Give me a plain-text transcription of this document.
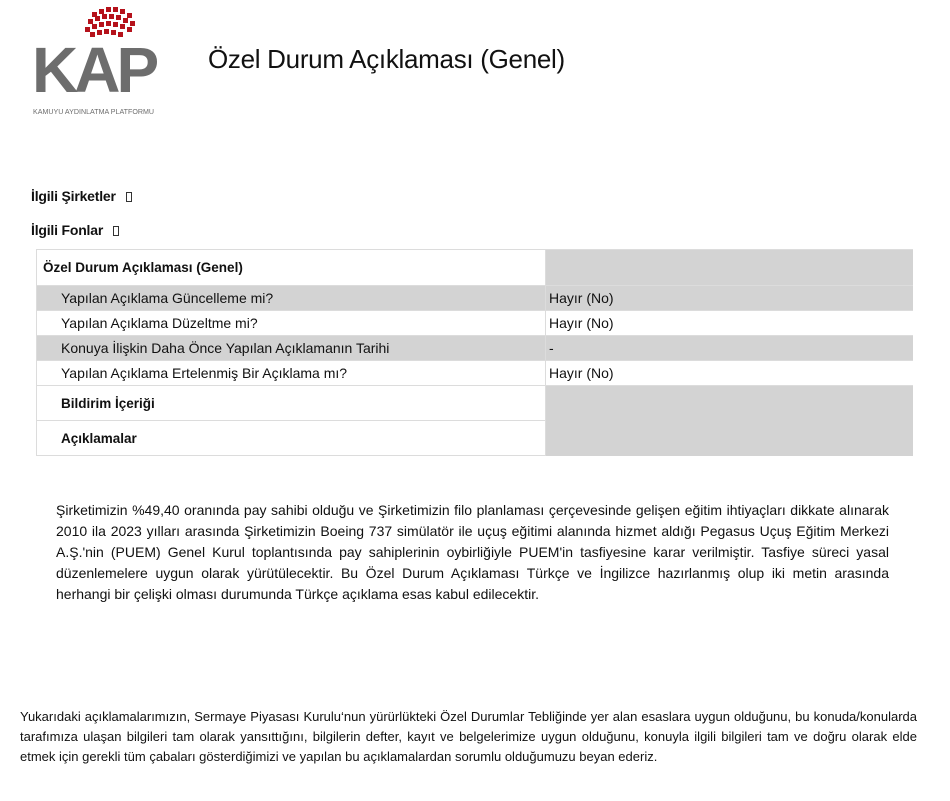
KAP
KAMUYU AYDINLATMA PLATFORMU
Özel Durum Açıklaması (Genel)
İlgili Şirketler
İlgili Fonlar
Özel Durum Açıklaması (Genel)
Yapılan Açıklama Güncelleme mi?	Hayır (No)
Yapılan Açıklama Düzeltme mi?	Hayır (No)
Konuya İlişkin Daha Önce Yapılan Açıklamanın Tarihi	-
Yapılan Açıklama Ertelenmiş Bir Açıklama mı?	Hayır (No)
Bildirim İçeriği
Açıklamalar

Şirketimizin %49,40 oranında pay sahibi olduğu ve Şirketimizin filo planlaması çerçevesinde gelişen eğitim ihtiyaçları dikkate alınarak 2010 ila 2023 yılları arasında Şirketimizin Boeing 737 simülatör ile uçuş eğitimi alanında hizmet aldığı Pegasus Uçuş Eğitim Merkezi A.Ş.'nin (PUEM) Genel Kurul toplantısında pay sahiplerinin oybirliğiyle PUEM'in tasfiyesine karar verilmiştir. Tasfiye süreci yasal düzenlemelere uygun olarak yürütülecektir. Bu Özel Durum Açıklaması Türkçe ve İngilizce hazırlanmış olup iki metin arasında herhangi bir çelişki olması durumunda Türkçe açıklama esas kabul edilecektir.

Yukarıdaki açıklamalarımızın, Sermaye Piyasası Kurulu‘nun yürürlükteki Özel Durumlar Tebliğinde yer alan esaslara uygun olduğunu, bu konuda/konularda tarafımıza ulaşan bilgileri tam olarak yansıttığını, bilgilerin defter, kayıt ve belgelerimize uygun olduğunu, konuyla ilgili bilgileri tam ve doğru olarak elde etmek için gerekli tüm çabaları gösterdiğimizi ve yapılan bu açıklamalardan sorumlu olduğumuzu beyan ederiz.
